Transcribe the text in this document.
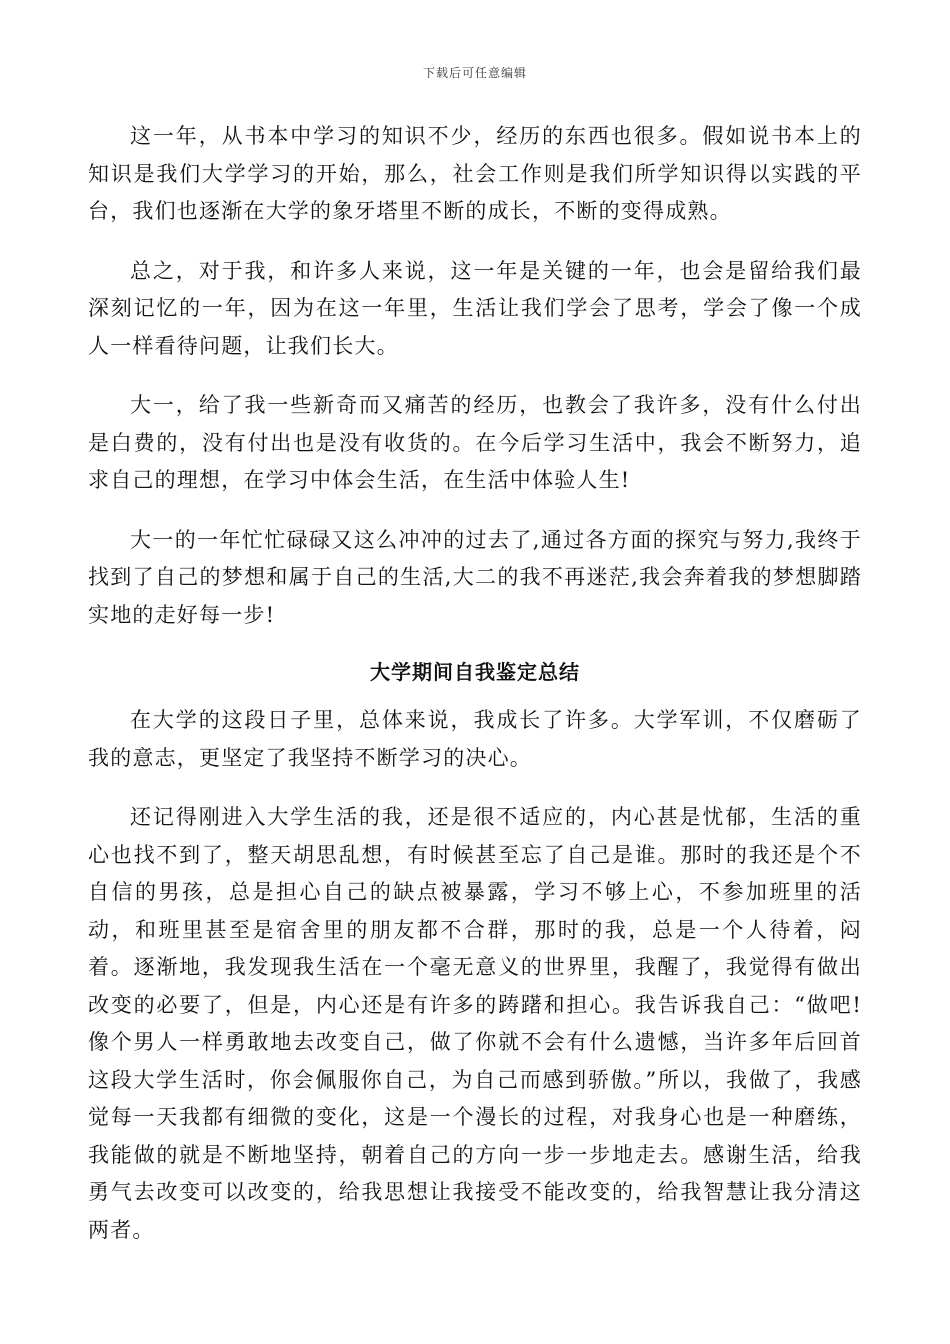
下载后可任意编辑

这一年，从书本中学习的知识不少，经历的东西也很多。假如说书本上的知识是我们大学学习的开始，那么，社会工作则是我们所学知识得以实践的平台，我们也逐渐在大学的象牙塔里不断的成长，不断的变得成熟。

总之，对于我，和许多人来说，这一年是关键的一年，也会是留给我们最深刻记忆的一年，因为在这一年里，生活让我们学会了思考，学会了像一个成人一样看待问题，让我们长大。

大一，给了我一些新奇而又痛苦的经历，也教会了我许多，没有什么付出是白费的，没有付出也是没有收货的。在今后学习生活中，我会不断努力，追求自己的理想，在学习中体会生活，在生活中体验人生!

大一的一年忙忙碌碌又这么冲冲的过去了,通过各方面的探究与努力,我终于找到了自己的梦想和属于自己的生活,大二的我不再迷茫,我会奔着我的梦想脚踏实地的走好每一步!

大学期间自我鉴定总结

在大学的这段日子里，总体来说，我成长了许多。大学军训，不仅磨砺了我的意志，更坚定了我坚持不断学习的决心。

还记得刚进入大学生活的我，还是很不适应的，内心甚是忧郁，生活的重心也找不到了，整天胡思乱想，有时候甚至忘了自己是谁。那时的我还是个不自信的男孩，总是担心自己的缺点被暴露，学习不够上心，不参加班里的活动，和班里甚至是宿舍里的朋友都不合群，那时的我，总是一个人待着，闷着。逐渐地，我发现我生活在一个毫无意义的世界里，我醒了，我觉得有做出改变的必要了，但是，内心还是有许多的踌躇和担心。我告诉我自己：“做吧!像个男人一样勇敢地去改变自己，做了你就不会有什么遗憾，当许多年后回首这段大学生活时，你会佩服你自己，为自己而感到骄傲。”所以，我做了，我感觉每一天我都有细微的变化，这是一个漫长的过程，对我身心也是一种磨练，我能做的就是不断地坚持，朝着自己的方向一步一步地走去。感谢生活，给我勇气去改变可以改变的，给我思想让我接受不能改变的，给我智慧让我分清这两者。
